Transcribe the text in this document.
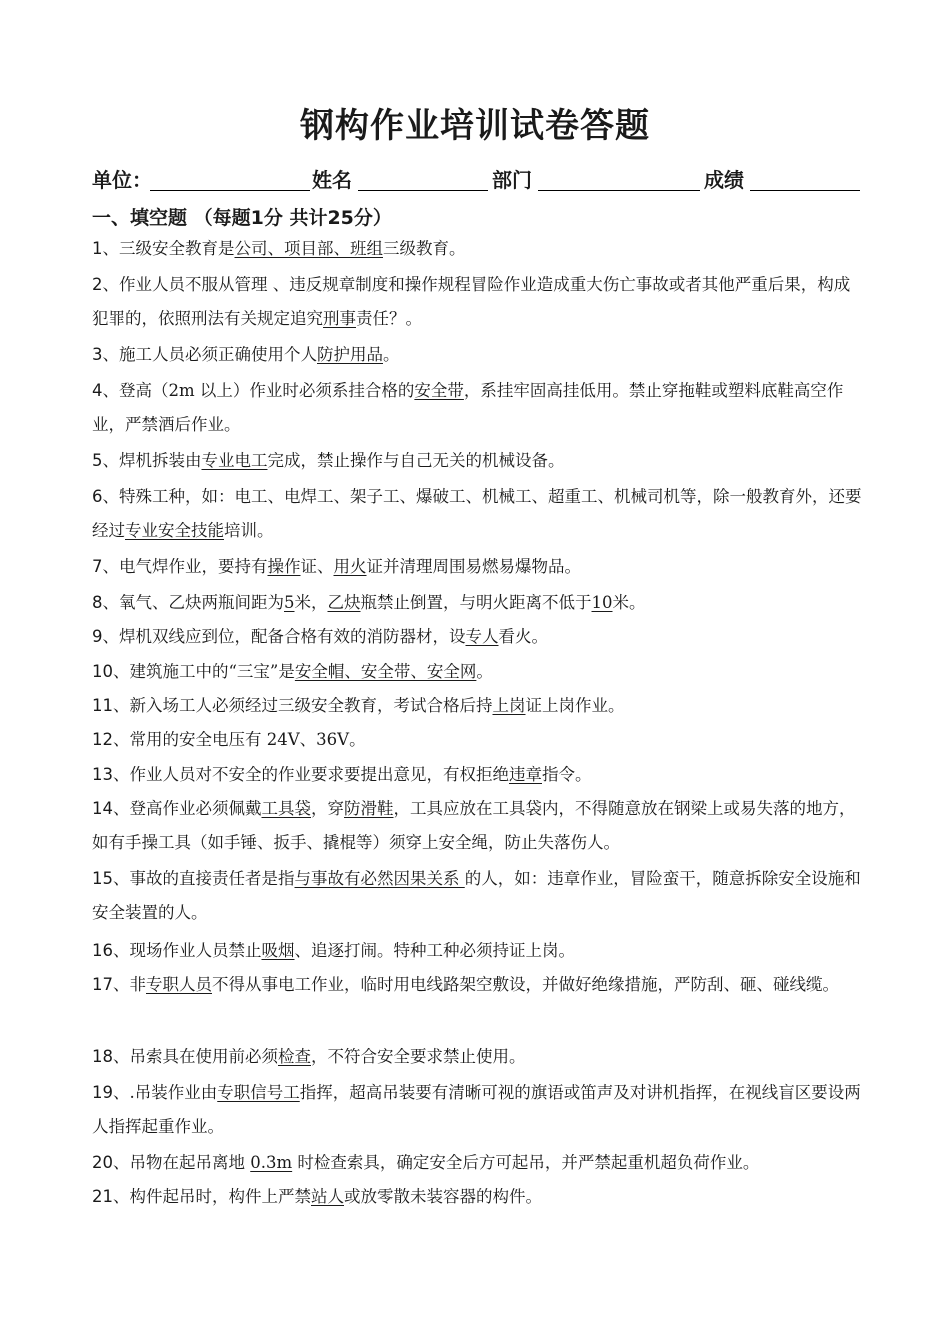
钢构作业培训试卷答题
单位：	姓名	部门	成绩
一、填空题 （每题1分 共计25分）
1、三级安全教育是公司、项目部、班组三级教育。
2、作业人员不服从管理 、违反规章制度和操作规程冒险作业造成重大伤亡事故或者其他严重后果，构成犯罪的，依照刑法有关规定追究刑事责任？。
3、施工人员必须正确使用个人防护用品。
4、登高（2m 以上）作业时必须系挂合格的安全带，系挂牢固高挂低用。禁止穿拖鞋或塑料底鞋高空作业，严禁酒后作业。
5、焊机拆装由专业电工完成，禁止操作与自己无关的机械设备。
6、特殊工种，如：电工、电焊工、架子工、爆破工、机械工、超重工、机械司机等，除一般教育外，还要经过专业安全技能培训。
7、电气焊作业，要持有操作证、用火证并清理周围易燃易爆物品。
8、氧气、乙炔两瓶间距为5米，乙炔瓶禁止倒置，与明火距离不低于10米。
9、焊机双线应到位，配备合格有效的消防器材，设专人看火。
10、建筑施工中的“三宝”是安全帽、安全带、安全网。
11、新入场工人必须经过三级安全教育，考试合格后持上岗证上岗作业。
12、常用的安全电压有 24V、36V。
13、作业人员对不安全的作业要求要提出意见，有权拒绝违章指令。
14、登高作业必须佩戴工具袋，穿防滑鞋，工具应放在工具袋内，不得随意放在钢梁上或易失落的地方，如有手操工具（如手锤、扳手、撬棍等）须穿上安全绳，防止失落伤人。
15、事故的直接责任者是指与事故有必然因果关系 的人，如：违章作业，冒险蛮干，随意拆除安全设施和安全装置的人。
16、现场作业人员禁止吸烟、追逐打闹。特种工种必须持证上岗。
17、非专职人员不得从事电工作业，临时用电线路架空敷设，并做好绝缘措施，严防刮、砸、碰线缆。
18、吊索具在使用前必须检查，不符合安全要求禁止使用。
19、.吊装作业由专职信号工指挥，超高吊装要有清晰可视的旗语或笛声及对讲机指挥，在视线盲区要设两人指挥起重作业。
20、吊物在起吊离地 0.3m 时检查索具，确定安全后方可起吊，并严禁起重机超负荷作业。
21、构件起吊时，构件上严禁站人或放零散未装容器的构件。
